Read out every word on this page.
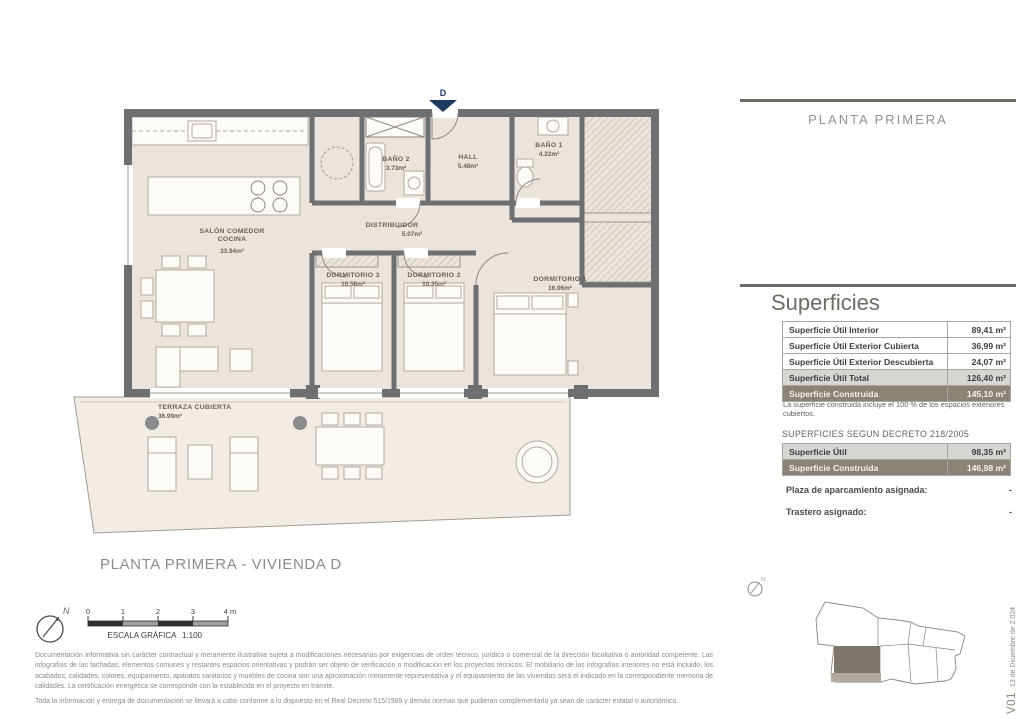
D
SALÓN COMEDOR
COCINA
33.94m²
BAÑO 2
3.73m²
HALL
5.48m²
BAÑO 1
4.22m²
DISTRIBUIDOR
5.07m²
DORMITORIO 3
10.56m²
DORMITORIO 2
10.35m²
DORMITORIO 1
16.06m²
TERRAZA CUBIERTA
36.99m²
PLANTA PRIMERA
Superficies
Superficie Útil Interior	89,41 m²
Superficie Útil Exterior Cubierta	36,99 m²
Superficie Útil Exterior Descubierta	24,07 m²
Superficie Útil Total	126,40 m²
Superficie Construida	145,10 m²
La superficie construida incluye el 100 % de los espacios exteriores cubiertos.
SUPERFICIES SEGUN DECRETO 218/2005
Superficie Útil	98,35 m²
Superficie Construida	146,98 m²
Plaza de aparcamiento asignada:	-
Trastero asignado:	-
PLANTA PRIMERA - VIVIENDA D
N 0	1	2	3	4 m
ESCALA GRÁFICA 1:100

Documentación informativa sin carácter contractual y meramente ilustrativa sujeta a modificaciones necesarias por exigencias de orden técnico, jurídico o comercial de la dirección facultativa o autoridad competente. Las infografías de las fachadas, elementos comunes y restantes espacios orientativas y podrán ser objeto de verificación o modificación en los proyectos técnicos. El mobiliario de las infografías interiores no está incluido, los acabados, calidades, colores, equipamiento, aparatos sanitarios y muebles de cocina son una aproximación meramente representativa y el equipamiento de las viviendas será el indicado en la correspondiente memoria de calidades. La certificación energética se corresponde con la establecida en el proyecto en trámite.

Toda la información y entrega de documentación se llevará a cabo conforme a lo dispuesto en el Real Decreto 515/1989 y demás normas que pudieran complementarlo ya sean de carácter estatal o autonómico.

N
V0113 de Diciembre de 2.024
